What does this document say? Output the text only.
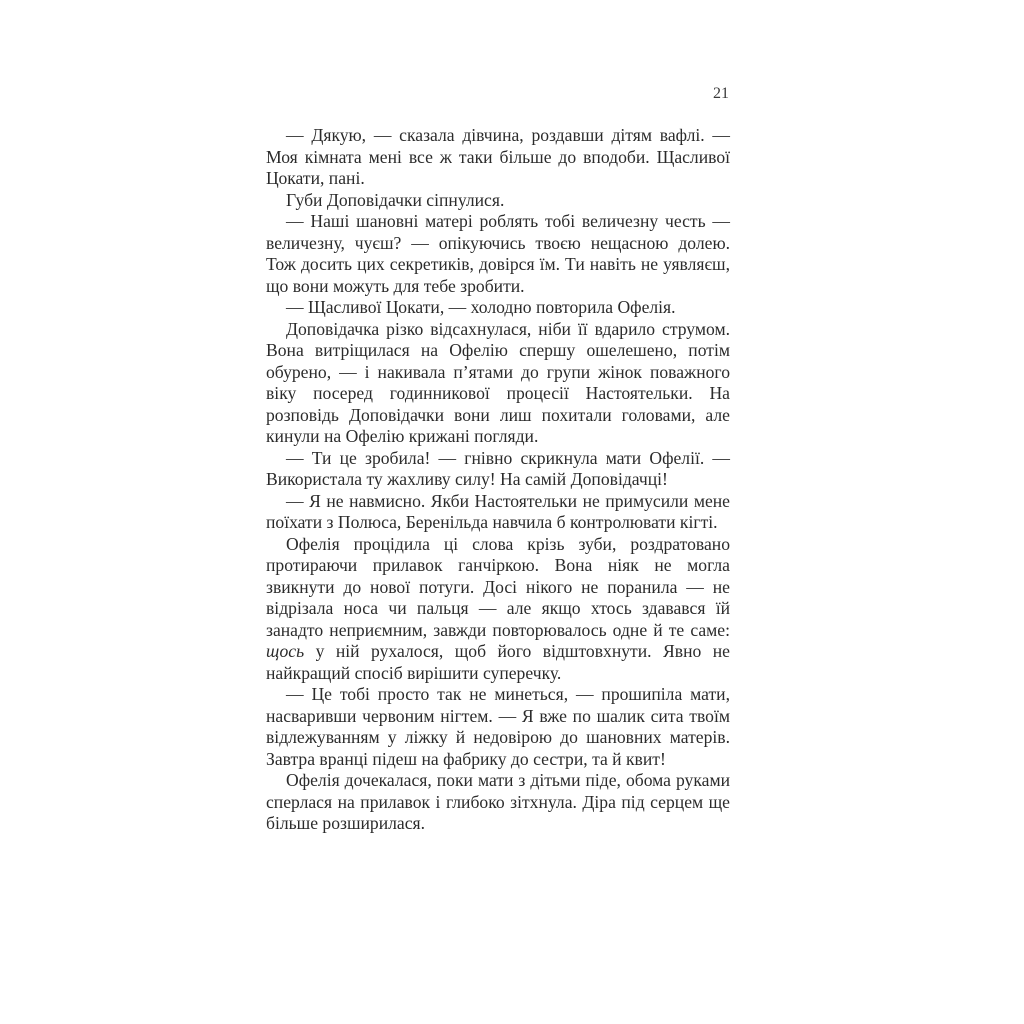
21

— Дякую, — сказала дівчина, роздавши дітям вафлі. — Моя кімната мені все ж таки більше до вподоби. Щасливої Цокати, пані.

Губи Доповідачки сіпнулися.

— Наші шановні матері роблять тобі величезну честь — величезну, чуєш? — опікуючись твоєю нещасною долею. Тож досить цих секретиків, довірся їм. Ти навіть не уявляєш, що вони можуть для тебе зробити.

— Щасливої Цокати, — холодно повторила Офелія.

Доповідачка різко відсахнулася, ніби її вдарило струмом. Вона витріщилася на Офелію спершу ошелешено, потім обурено, — і накивала п’ятами до групи жінок поважного віку посеред годинникової процесії Настоятельки. На розповідь Доповідачки вони лиш похитали головами, але кинули на Офелію крижані погляди.

— Ти це зробила! — гнівно скрикнула мати Офелії. — Використала ту жахливу силу! На самій Доповідачці!

— Я не навмисно. Якби Настоятельки не примусили мене поїхати з Полюса, Беренільда навчила б контролювати кігті.

Офелія процідила ці слова крізь зуби, роздратовано протираючи прилавок ганчіркою. Вона ніяк не могла звикнути до нової потуги. Досі нікого не поранила — не відрізала носа чи пальця — але якщо хтось здавався їй занадто неприємним, завжди повторювалось одне й те саме: щось у ній рухалося, щоб його відштовхнути. Явно не найкращий спосіб вирішити суперечку.

— Це тобі просто так не минеться, — прошипіла мати, насваривши червоним нігтем. — Я вже по шалик сита твоїм відлежуванням у ліжку й недовірою до шановних матерів. Завтра вранці підеш на фабрику до сестри, та й квит!

Офелія дочекалася, поки мати з дітьми піде, обома руками сперлася на прилавок і глибоко зітхнула. Діра під серцем ще більше розширилася.
